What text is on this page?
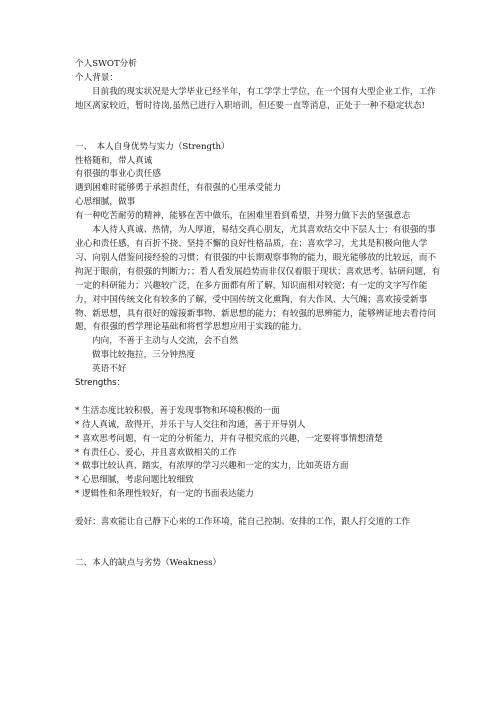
个人SWOT分析
个人背景：
目前我的现实状况是大学毕业已经半年，有工学学士学位，在一个国有大型企业工作，工作地区离家较近，暂时待岗,虽然已进行入职培训，但还要一直等消息，正处于一种不稳定状态!
一、　本人自身优势与实力（Strength）
性格随和，带人真诚
有很强的事业心责任感
遇到困难时能够勇于承担责任，有很强的心里承受能力
心思细腻，做事
有一种吃苦耐劳的精神，能够在苦中做乐，在困难里看到希望，并努力做下去的坚强意志
本人待人真诚、热情，为人厚道，易结交真心朋友，尤其喜欢结交中下层人士；有很强的事业心和责任感，有百折不挠、坚持不懈的良好性格品质，在；喜欢学习，尤其是积极向他人学习、向别人借鉴问接经验的习惯；有很强的中长期观察事物的能力，眼光能够放的比较远，而不拘泥于眼前，有很强的判断力；；看人看发展趋势而非仅仅着眼于现状；喜欢思考、钻研问题，有一定的科研能力；兴趣较广泛，在多方面都有所了解，知识面相对较宽；有一定的文字写作能力，对中国传统文化有较多的了解，受中国传统文化熏陶，有大作风、大气魄；喜欢接受新事物、新思想，具有很好的嫁接新事物、新思想的能力；有较强的思辨能力，能够辨证地去看待问题，有很强的哲学理论基础和将哲学思想应用于实践的能力。
内向，不善于主动与人交流，会不自然
做事比较拖拉，三分钟热度
英语不好
Strengths：
* 生活态度比较积极，善于发现事物和环境积极的一面
* 待人真诚，敌得开，并乐于与人交往和沟通，善于开导别人
* 喜欢思考问题，有一定的分析能力，并有寻根究底的兴趣，一定要将事情想清楚
* 有责任心、爱心，并且喜欢做相关的工作
* 做事比较认真、踏实，有浓厚的学习兴趣和一定的实力，比如英语方面
* 心思细腻，考虑问题比较细致
* 逻辑性和条理性较好，有一定的书面表达能力
爱好：喜欢能让自己静下心来的工作环境，能自己控制、安排的工作，跟人打交道的工作
二、本人的缺点与劣势（Weakness）
